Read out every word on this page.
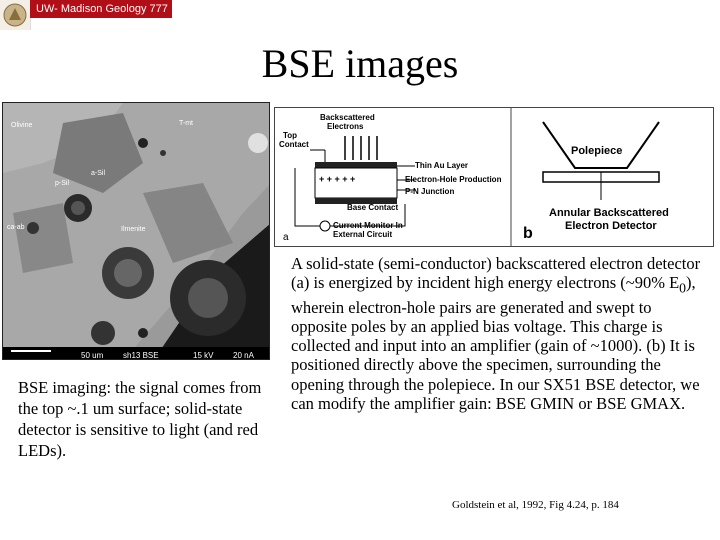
UW- Madison Geology 777
BSE images
Olivine	T-mt
a-Sil
p-Sil
ca-ab	Ilmenite
50 um sh13 BSE	15 kV 20 nA
Backscattered Electrons
Top Contact
+ + + + +
Thin Au Layer
Electron-Hole Production
P-N Junction
Base Contact
Current Monitor In External Circuit
a
Polepiece
Annular Backscattered Electron Detector
b
BSE imaging: the signal comes from the top ~.1 um surface; solid-state detector is sensitive to light (and red LEDs).
A solid-state (semi-conductor) backscattered electron detector (a) is energized by incident high energy electrons (~90% $E_0$), wherein electron-hole pairs are generated and swept to opposite poles by an applied bias voltage. This charge is collected and input into an amplifier (gain of ~1000). (b) It is positioned directly above the specimen, surrounding the opening through the polepiece. In our SX51 BSE detector, we can modify the amplifier gain: BSE GMIN or BSE GMAX.
Goldstein et al, 1992, Fig 4.24, p. 184
